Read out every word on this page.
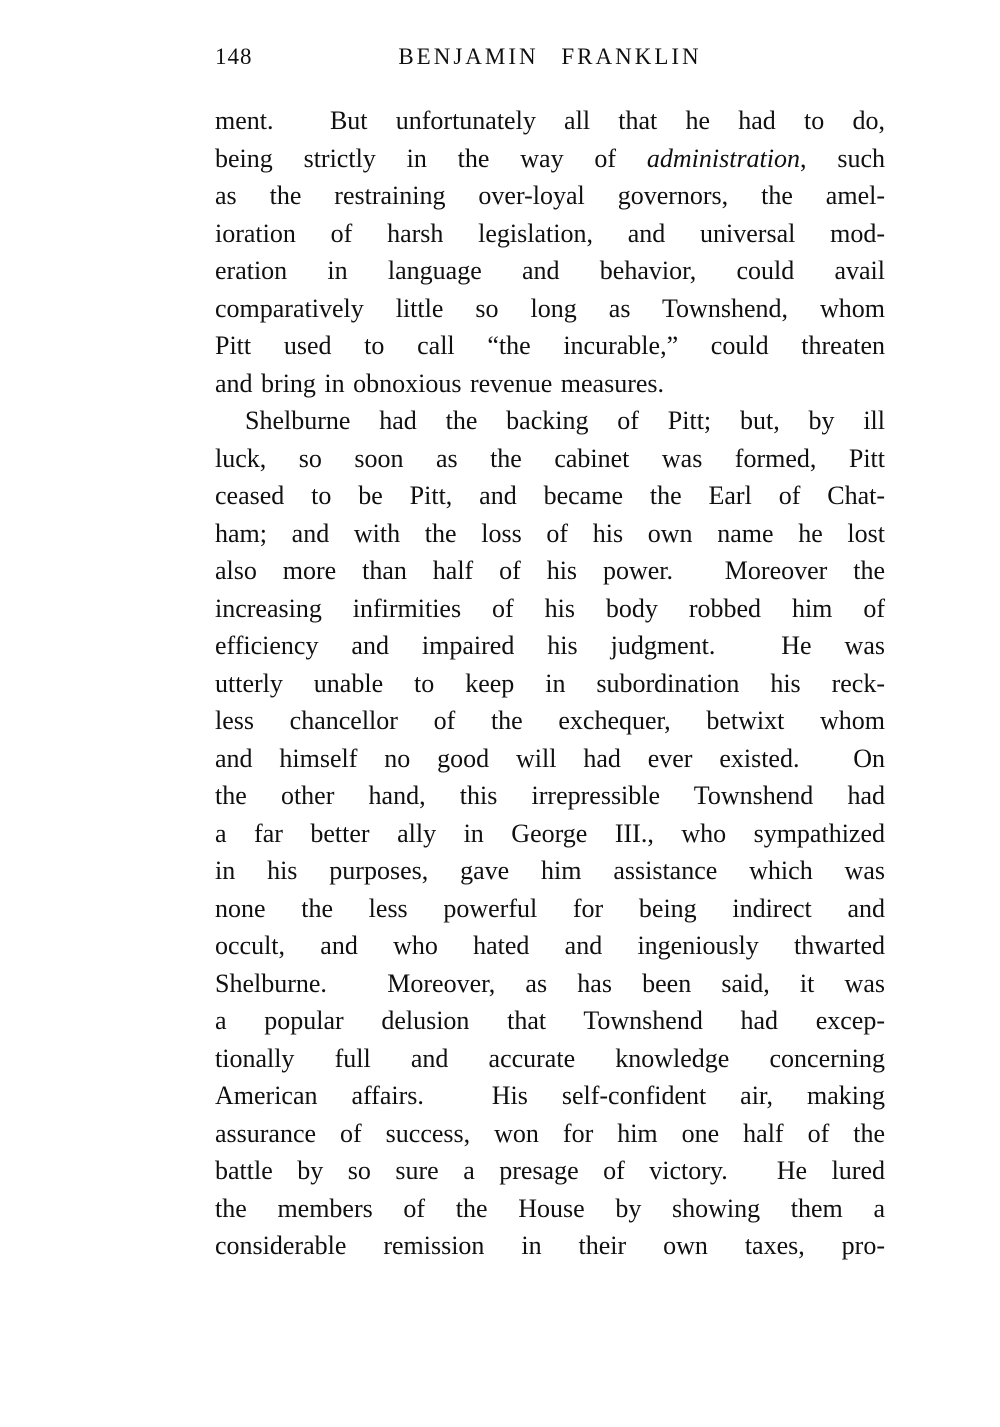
148	BENJAMIN FRANKLIN
ment.  But unfortunately all that he had to do,
being strictly in the way of administration, such
as the restraining over-loyal governors, the amel-
ioration of harsh legislation, and universal mod-
eration in language and behavior, could avail
comparatively little so long as Townshend, whom
Pitt used to call “the incurable,” could threaten
and bring in obnoxious revenue measures.
Shelburne had the backing of Pitt; but, by ill
luck, so soon as the cabinet was formed, Pitt
ceased to be Pitt, and became the Earl of Chat-
ham; and with the loss of his own name he lost
also more than half of his power.  Moreover the
increasing infirmities of his body robbed him of
efficiency and impaired his judgment.  He was
utterly unable to keep in subordination his reck-
less chancellor of the exchequer, betwixt whom
and himself no good will had ever existed.  On
the other hand, this irrepressible Townshend had
a far better ally in George III., who sympathized
in his purposes, gave him assistance which was
none the less powerful for being indirect and
occult, and who hated and ingeniously thwarted
Shelburne.  Moreover, as has been said, it was
a popular delusion that Townshend had excep-
tionally full and accurate knowledge concerning
American affairs.  His self-confident air, making
assurance of success, won for him one half of the
battle by so sure a presage of victory.  He lured
the members of the House by showing them a
considerable remission in their own taxes, pro-
